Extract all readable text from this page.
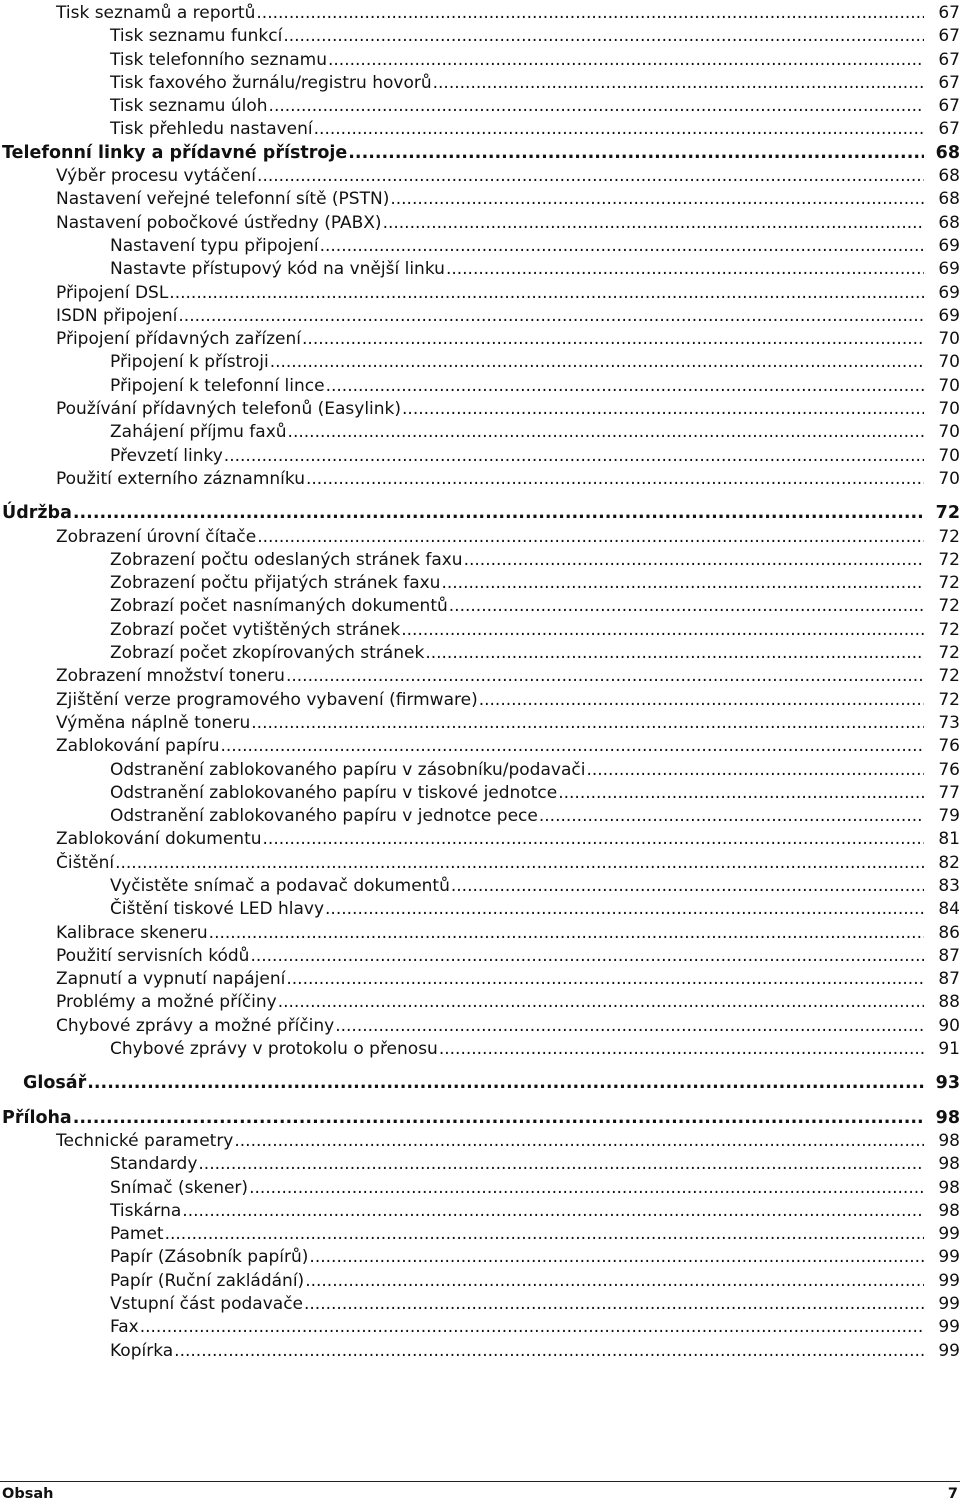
Tisk seznamů a reportů .....	67
Tisk seznamu funkcí .....	67
Tisk telefonního seznamu .....	67
Tisk faxového žurnálu/registru hovorů .....	67
Tisk seznamu úloh .....	67
Tisk přehledu nastavení .....	67
Telefonní linky a přídavné přístroje .....	68
Výběr procesu vytáčení .....	68
Nastavení veřejné telefonní sítě (PSTN) .....	68
Nastavení pobočkové ústředny (PABX) .....	68
Nastavení typu připojení .....	69
Nastavte přístupový kód na vnější linku .....	69
Připojení DSL .....	69
ISDN připojení .....	69
Připojení přídavných zařízení .....	70
Připojení k přístroji .....	70
Připojení k telefonní lince .....	70
Používání přídavných telefonů (Easylink) .....	70
Zahájení příjmu faxů .....	70
Převzetí linky .....	70
Použití externího záznamníku .....	70
Údržba .....	72
Zobrazení úrovní čítače .....	72
Zobrazení počtu odeslaných stránek faxu .....	72
Zobrazení počtu přijatých stránek faxu .....	72
Zobrazí počet nasnímaných dokumentů .....	72
Zobrazí počet vytištěných stránek .....	72
Zobrazí počet zkopírovaných stránek .....	72
Zobrazení množství toneru .....	72
Zjištění verze programového vybavení (firmware) .....	72
Výměna náplně toneru .....	73
Zablokování papíru .....	76
Odstranění zablokovaného papíru v zásobníku/podavači .....	76
Odstranění zablokovaného papíru v tiskové jednotce .....	77
Odstranění zablokovaného papíru v jednotce pece .....	79
Zablokování dokumentu .....	81
Čištění .....	82
Vyčistěte snímač a podavač dokumentů .....	83
Čištění tiskové LED hlavy .....	84
Kalibrace skeneru .....	86
Použití servisních kódů .....	87
Zapnutí a vypnutí napájení .....	87
Problémy a možné příčiny .....	88
Chybové zprávy a možné příčiny .....	90
Chybové zprávy v protokolu o přenosu .....	91
Glosář .....	93
Příloha .....	98
Technické parametry .....	98
Standardy .....	98
Snímač (skener) .....	98
Tiskárna .....	98
Pamet .....	99
Papír (Zásobník papírů) .....	99
Papír (Ruční zakládání) .....	99
Vstupní část podavače .....	99
Fax .....	99
Kopírka .....	99
Obsah	7
